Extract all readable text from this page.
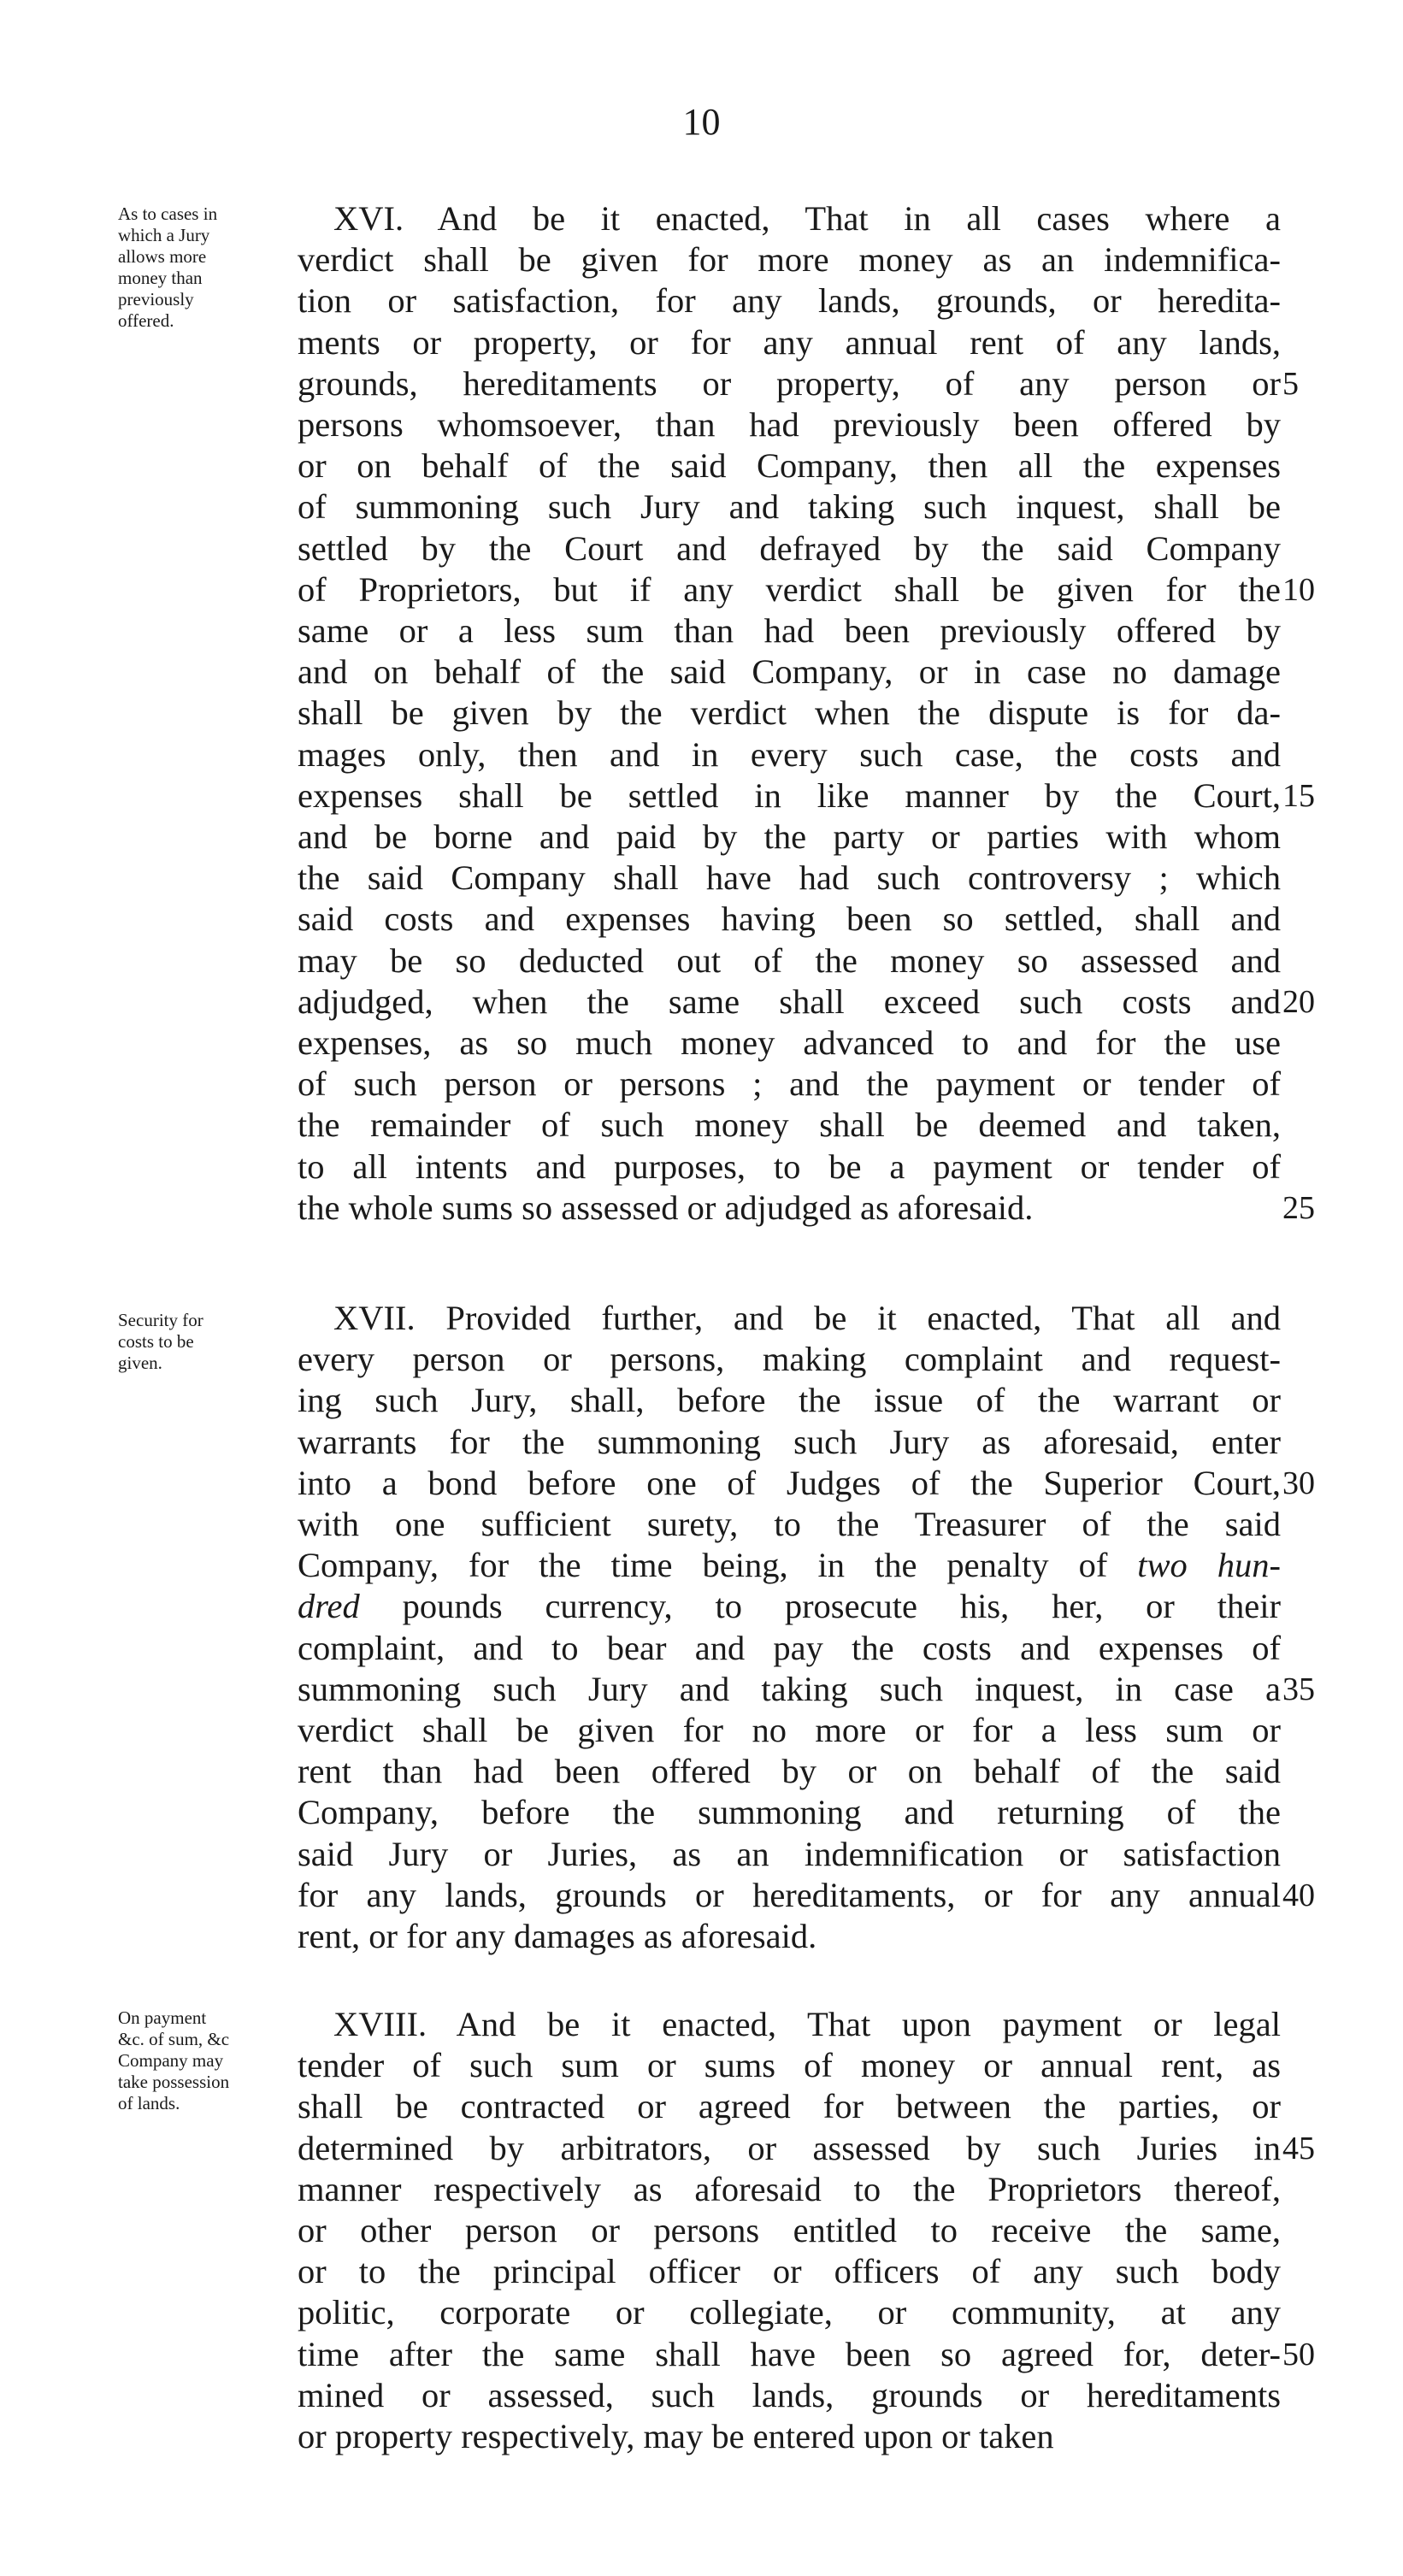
10
As to cases in
which a Jury
allows more
money than
previously
offered.
XVI. And be it enacted, That in all cases where a
verdict shall be given for more money as an indemnifica-
tion or satisfaction, for any lands, grounds, or heredita-
ments or property, or for any annual rent of any lands,
grounds, hereditaments or property, of any person or
persons whomsoever, than had previously been offered by
or on behalf of the said Company, then all the expenses
of summoning such Jury and taking such inquest, shall be
settled by the Court and defrayed by the said Company
of Proprietors, but if any verdict shall be given for the
same or a less sum than had been previously offered by
and on behalf of the said Company, or in case no damage
shall be given by the verdict when the dispute is for da-
mages only, then and in every such case, the costs and
expenses shall be settled in like manner by the Court,
and be borne and paid by the party or parties with whom
the said Company shall have had such controversy ; which
said costs and expenses having been so settled, shall and
may be so deducted out of the money so assessed and
adjudged, when the same shall exceed such costs and
expenses, as so much money advanced to and for the use
of such person or persons ; and the payment or tender of
the remainder of such money shall be deemed and taken,
to all intents and purposes, to be a payment or tender of
the whole sums so assessed or adjudged as aforesaid.
5
10
15
20
25
Security for
costs to be
given.
XVII. Provided further, and be it enacted, That all and
every person or persons, making complaint and request-
ing such Jury, shall, before the issue of the warrant or
warrants for the summoning such Jury as aforesaid, enter
into a bond before one of Judges of the Superior Court,
with one sufficient surety, to the Treasurer of the said
Company, for the time being, in the penalty of two hun-
dred pounds currency, to prosecute his, her, or their
complaint, and to bear and pay the costs and expenses of
summoning such Jury and taking such inquest, in case a
verdict shall be given for no more or for a less sum or
rent than had been offered by or on behalf of the said
Company, before the summoning and returning of the
said Jury or Juries, as an indemnification or satisfaction
for any lands, grounds or hereditaments, or for any annual
rent, or for any damages as aforesaid.
30
35
40
On payment
&c. of sum, &c
Company may
take possession
of lands.
XVIII. And be it enacted, That upon payment or legal
tender of such sum or sums of money or annual rent, as
shall be contracted or agreed for between the parties, or
determined by arbitrators, or assessed by such Juries in
manner respectively as aforesaid to the Proprietors thereof,
or other person or persons entitled to receive the same,
or to the principal officer or officers of any such body
politic, corporate or collegiate, or community, at any
time after the same shall have been so agreed for, deter-
mined or assessed, such lands, grounds or hereditaments
or property respectively, may be entered upon or taken
45
50
